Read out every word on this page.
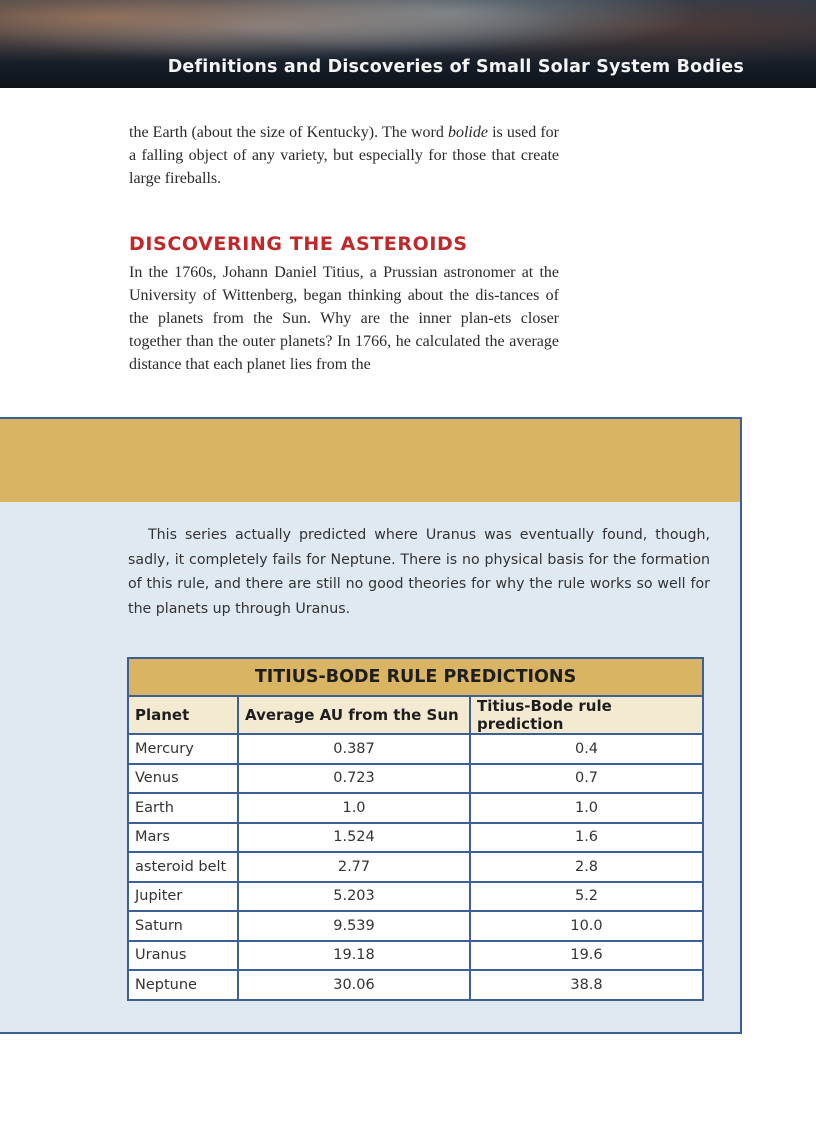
Definitions and Discoveries of Small Solar System Bodies
7
the Earth (about the size of Kentucky). The word bolide is used for a falling object of any variety, but especially for those that create large fireballs.
DISCOVERING THE ASTEROIDS
In the 1760s, Johann Daniel Titius, a Prussian astronomer at the University of Wittenberg, began thinking about the dis-tances of the planets from the Sun. Why are the inner plan-ets closer together than the outer planets? In 1766, he calculated the average distance that each planet lies from the
This series actually predicted where Uranus was eventually found, though, sadly, it completely fails for Neptune. There is no physical basis for the formation of this rule, and there are still no good theories for why the rule works so well for the planets up through Uranus.
TITIUS-BODE RULE PREDICTIONS		
Planet	Average AU from the Sun	Titius-Bode rule prediction
Mercury	0.387	0.4
Venus	0.723	0.7
Earth	1.0	1.0
Mars	1.524	1.6
asteroid belt	2.77	2.8
Jupiter	5.203	5.2
Saturn	9.539	10.0
Uranus	19.18	19.6
Neptune	30.06	38.8
